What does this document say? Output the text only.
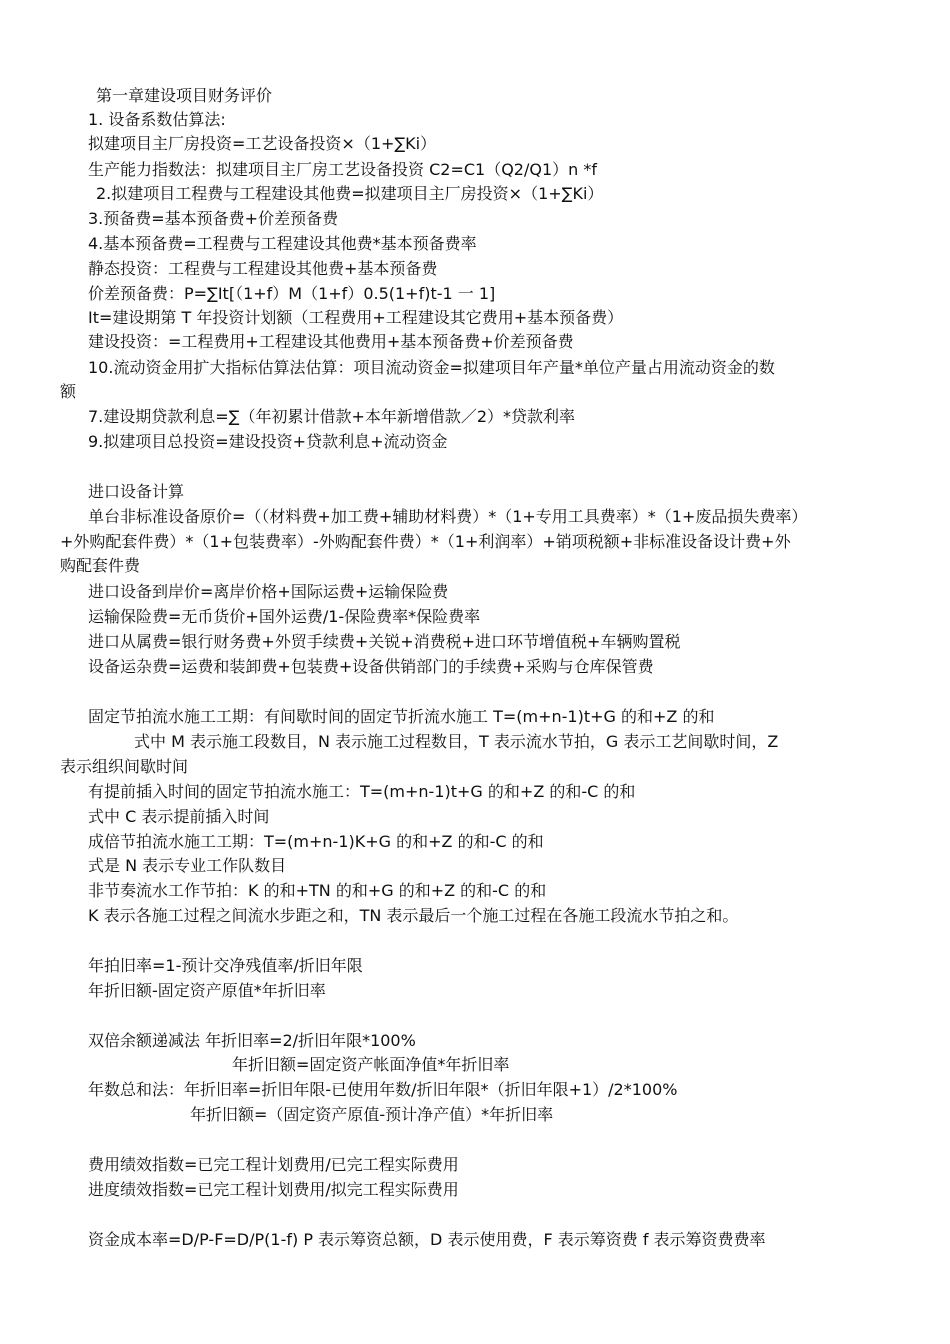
第一章建设项目财务评价
1. 设备系数估算法:
拟建项目主厂房投资=工艺设备投资×（1+∑Ki）
生产能力指数法：拟建项目主厂房工艺设备投资 C2=C1（Q2/Q1）n *f
2.拟建项目工程费与工程建设其他费=拟建项目主厂房投资×（1+∑Ki）
3.预备费=基本预备费+价差预备费
4.基本预备费=工程费与工程建设其他费*基本预备费率
静态投资：工程费与工程建设其他费+基本预备费
价差预备费：P=∑It[（1+f）M（1+f）0.5(1+f)t-1 一 1]
It=建设期第 T 年投资计划额（工程费用+工程建设其它费用+基本预备费）
建设投资：=工程费用+工程建设其他费用+基本预备费+价差预备费
10.流动资金用扩大指标估算法估算：项目流动资金=拟建项目年产量*单位产量占用流动资金的数
额
7.建设期贷款利息=∑（年初累计借款+本年新增借款／2）*贷款利率
9.拟建项目总投资=建设投资+贷款利息+流动资金
进口设备计算
单台非标准设备原价=（（材料费+加工费+辅助材料费）*（1+专用工具费率）*（1+废品损失费率）
+外购配套件费）*（1+包装费率）-外购配套件费）*（1+利润率）+销项税额+非标准设备设计费+外
购配套件费
进口设备到岸价=离岸价格+国际运费+运输保险费
运输保险费=无币货价+国外运费/1-保险费率*保险费率
进口从属费=银行财务费+外贸手续费+关锐+消费税+进口环节增值税+车辆购置税
设备运杂费=运费和装卸费+包装费+设备供销部门的手续费+采购与仓库保管费
固定节拍流水施工工期：有间歇时间的固定节折流水施工 T=(m+n-1)t+G 的和+Z 的和
式中 M 表示施工段数目，N 表示施工过程数目，T 表示流水节拍，G 表示工艺间歇时间，Z
表示组织间歇时间
有提前插入时间的固定节拍流水施工：T=(m+n-1)t+G 的和+Z 的和-C 的和
式中 C 表示提前插入时间
成倍节拍流水施工工期：T=(m+n-1)K+G 的和+Z 的和-C 的和
式是 N 表示专业工作队数目
非节奏流水工作节拍：K 的和+TN 的和+G 的和+Z 的和-C 的和
K 表示各施工过程之间流水步距之和，TN 表示最后一个施工过程在各施工段流水节拍之和。
年拍旧率=1-预计交净残值率/折旧年限
年折旧额-固定资产原值*年折旧率
双倍余额递减法 年折旧率=2/折旧年限*100%
年折旧额=固定资产帐面净值*年折旧率
年数总和法：年折旧率=折旧年限-已使用年数/折旧年限*（折旧年限+1）/2*100%
年折旧额=（固定资产原值-预计净产值）*年折旧率
费用绩效指数=已完工程计划费用/已完工程实际费用
进度绩效指数=已完工程计划费用/拟完工程实际费用
资金成本率=D/P-F=D/P(1-f) P 表示筹资总额，D 表示使用费，F 表示筹资费 f 表示筹资费费率
